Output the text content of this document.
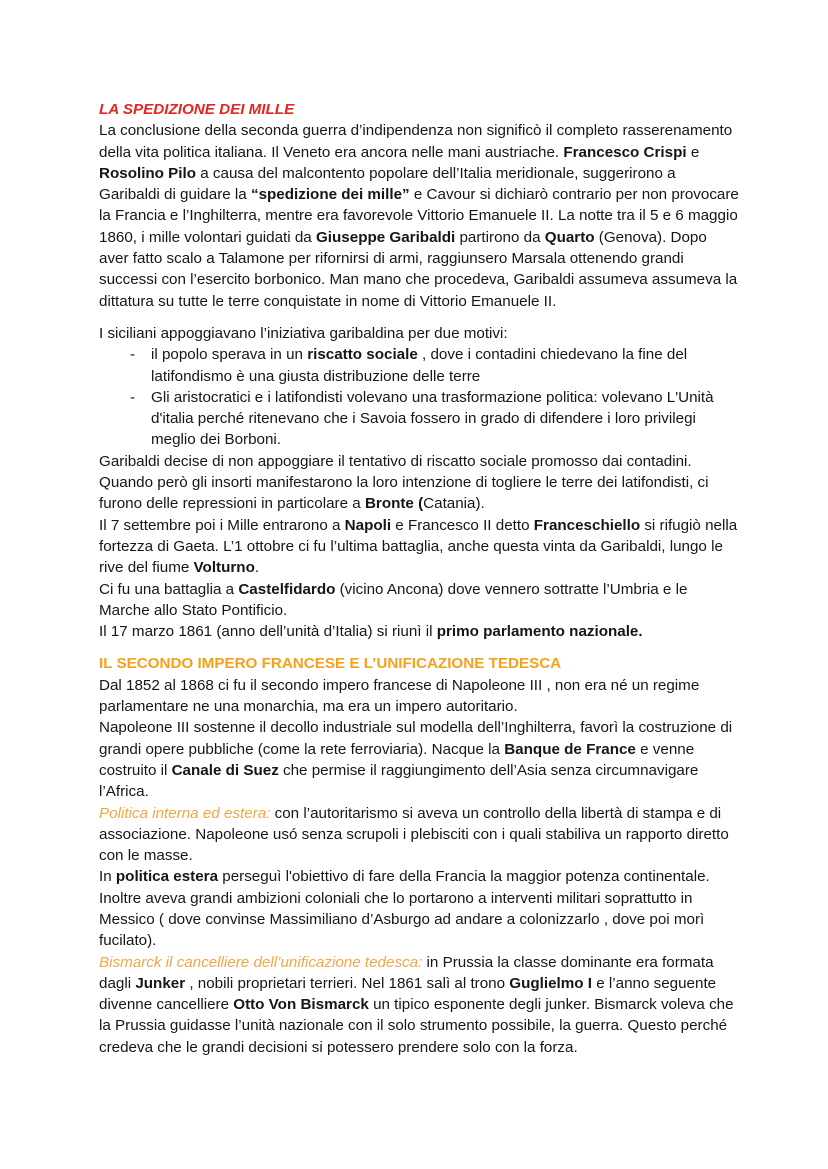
LA SPEDIZIONE DEI MILLE
La conclusione della seconda guerra d’indipendenza non significò il completo rasserenamento della vita politica italiana. Il Veneto era ancora nelle mani austriache. Francesco Crispi e Rosolino Pilo a causa del malcontento popolare dell’Italia meridionale, suggerirono a Garibaldi di guidare la “spedizione dei mille” e Cavour si dichiarò contrario per non provocare la Francia e l’Inghilterra, mentre era favorevole Vittorio Emanuele II. La notte tra il 5 e 6 maggio 1860, i mille volontari guidati da Giuseppe Garibaldi partirono da Quarto (Genova). Dopo aver fatto scalo a Talamone per rifornirsi di armi, raggiunsero Marsala ottenendo grandi successi con l’esercito borbonico. Man mano che procedeva, Garibaldi assumeva assumeva la dittatura su tutte le terre conquistate in nome di Vittorio Emanuele II.
I siciliani appoggiavano l’iniziativa garibaldina per due motivi:
- il popolo sperava in un riscatto sociale , dove i contadini chiedevano la fine del latifondismo è una giusta distribuzione delle terre
- Gli aristocratici e i latifondisti volevano una trasformazione politica: volevano L'Unità d'italia perché ritenevano che i Savoia fossero in grado di difendere i loro privilegi meglio dei Borboni.
Garibaldi decise di non appoggiare il tentativo di riscatto sociale promosso dai contadini. Quando però gli insorti manifestarono la loro intenzione di togliere le terre dei latifondisti, ci furono delle repressioni in particolare a Bronte (Catania).
Il 7 settembre poi i Mille entrarono a Napoli e Francesco II detto Franceschiello si rifugiò nella fortezza di Gaeta. L’1 ottobre ci fu l’ultima battaglia, anche questa vinta da Garibaldi, lungo le rive del fiume Volturno.
Ci fu una battaglia a Castelfidardo (vicino Ancona) dove vennero sottratte l’Umbria e le Marche allo Stato Pontificio.
Il 17 marzo 1861 (anno dell’unità d’Italia) si riunì il primo parlamento nazionale.
IL SECONDO IMPERO FRANCESE E L’UNIFICAZIONE TEDESCA
Dal 1852 al 1868 ci fu il secondo impero francese di Napoleone III , non era né un regime parlamentare ne una monarchia, ma era un impero autoritario.
Napoleone III sostenne il decollo industriale sul modella dell’Inghilterra, favorì la costruzione di grandi opere pubbliche (come la rete ferroviaria). Nacque la Banque de France e venne costruito il Canale di Suez che permise il raggiungimento dell’Asia senza circumnavigare l’Africa.
Politica interna ed estera: con l’autoritarismo si aveva un controllo della libertà di stampa e di associazione. Napoleone usó senza scrupoli i plebisciti con i quali stabiliva un rapporto diretto con le masse.
In politica estera perseguì l'obiettivo di fare della Francia la maggior potenza continentale. Inoltre aveva grandi ambizioni coloniali che lo portarono a interventi militari soprattutto in Messico ( dove convinse Massimiliano d’Asburgo ad andare a colonizzarlo , dove poi morì fucilato).
Bismarck il cancelliere dell’unificazione tedesca: in Prussia la classe dominante era formata dagli Junker , nobili proprietari terrieri. Nel 1861 salì al trono Guglielmo I e l’anno seguente divenne cancelliere Otto Von Bismarck un tipico esponente degli junker. Bismarck voleva che la Prussia guidasse l’unità nazionale con il solo strumento possibile, la guerra. Questo perché credeva che le grandi decisioni si potessero prendere solo con la forza.
